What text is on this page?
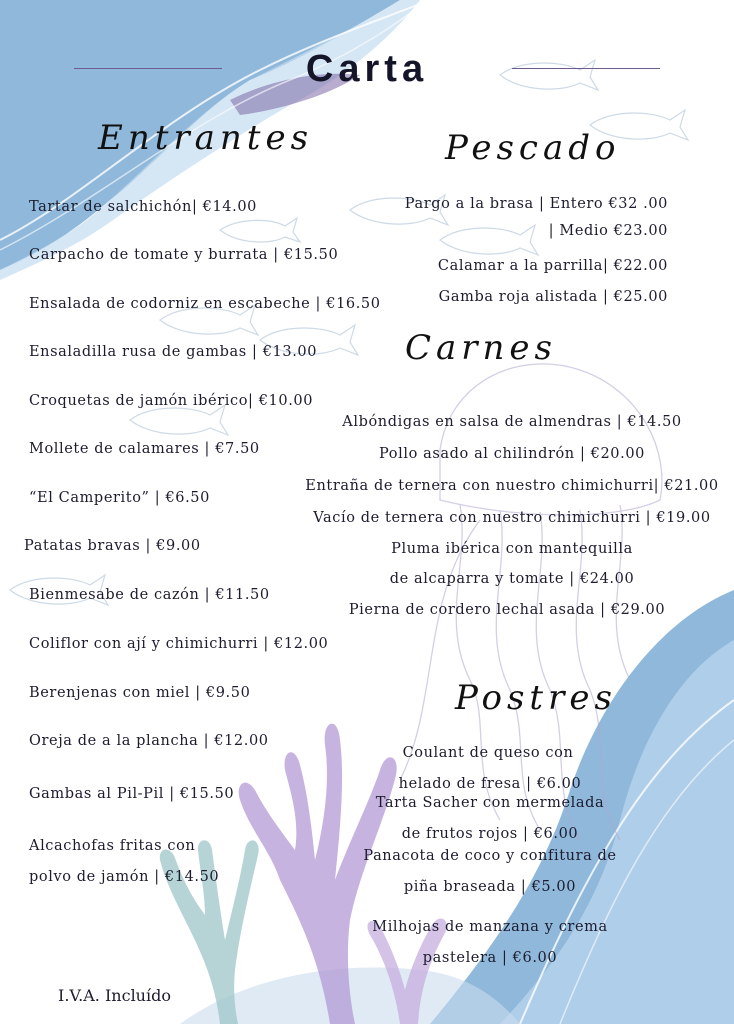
Carta
Entrantes
Tartar de salchichón| €14.00
Carpacho de tomate y burrata | €15.50
Ensalada de codorniz en escabeche | €16.50
Ensaladilla rusa de gambas | €13.00
Croquetas de jamón ibérico| €10.00
Mollete de calamares | €7.50
“El Camperito” | €6.50
Patatas bravas | €9.00
Bienmesabe de cazón | €11.50
Coliflor con ají y chimichurri | €12.00
Berenjenas con miel | €9.50
Oreja de a la plancha | €12.00
Gambas al Pil-Pil | €15.50
Alcachofas fritas con
polvo de jamón | €14.50
Pescado
Pargo a la brasa | Entero €32 .00
| Medio €23.00
Calamar a la parrilla| €22.00
Gamba roja alistada | €25.00
Carnes
Albóndigas en salsa de almendras | €14.50
Pollo asado al chilindrón | €20.00
Entraña de ternera con nuestro chimichurri| €21.00
Vacío de ternera con nuestro chimichurri | €19.00
Pluma ibérica con mantequilla
de alcaparra y tomate | €24.00
Pierna de cordero lechal asada | €29.00
Postres
Coulant de queso con
helado de fresa | €6.00
Tarta Sacher con mermelada
de frutos rojos | €6.00
Panacota de coco y confitura de
piña braseada | €5.00
Milhojas de manzana y crema
pastelera | €6.00
I.V.A. Incluído
